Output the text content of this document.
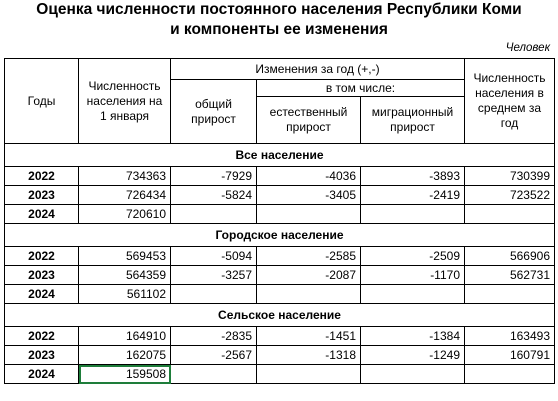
Оценка численности постоянного населения Республики Коми
и компоненты ее изменения
Человек
Годы	Численность населения на 1 января	Изменения за год (+,-)			Численность населения в среднем за год
		общий прирост	в том числе:		
			естественный прирост	миграционный прирост	
Все население					
2022	734363	-7929	-4036	-3893	730399
2023	726434	-5824	-3405	-2419	723522
2024	720610				
Городское население					
2022	569453	-5094	-2585	-2509	566906
2023	564359	-3257	-2087	-1170	562731
2024	561102				
Сельское население					
2022	164910	-2835	-1451	-1384	163493
2023	162075	-2567	-1318	-1249	160791
2024	159508				
